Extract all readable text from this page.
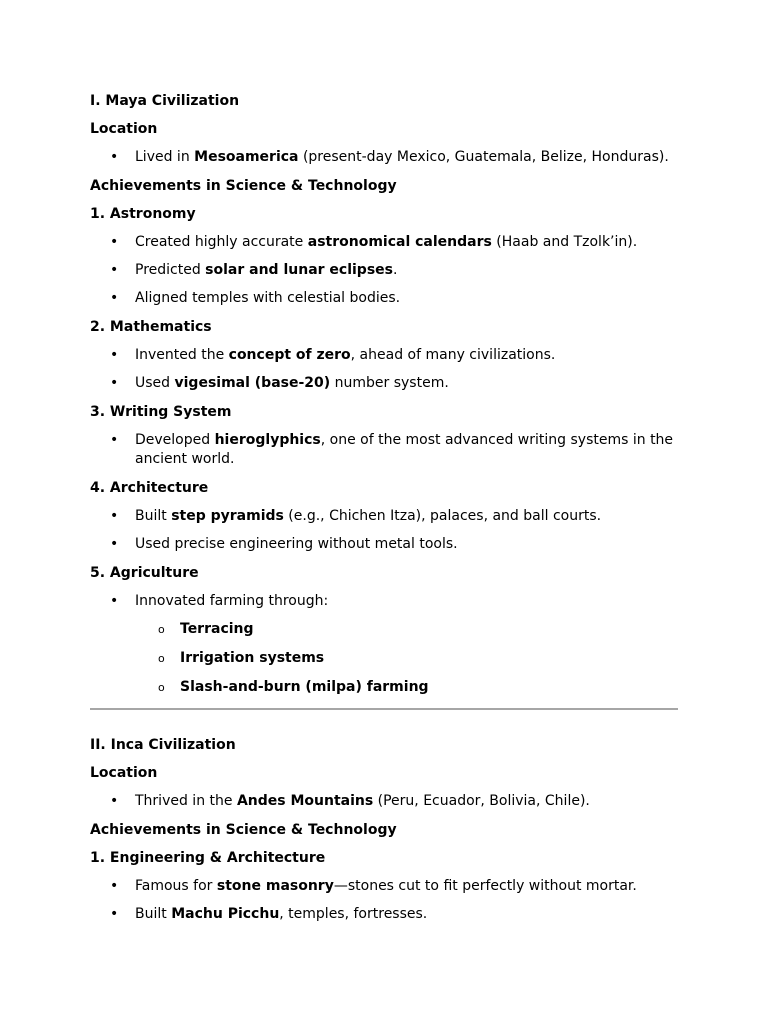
I. Maya Civilization

Location

• Lived in Mesoamerica (present-day Mexico, Guatemala, Belize, Honduras).

Achievements in Science & Technology

1. Astronomy

• Created highly accurate astronomical calendars (Haab and Tzolk’in).
• Predicted solar and lunar eclipses.
• Aligned temples with celestial bodies.

2. Mathematics

• Invented the concept of zero, ahead of many civilizations.
• Used vigesimal (base-20) number system.

3. Writing System

• Developed hieroglyphics, one of the most advanced writing systems in the ancient world.

4. Architecture

• Built step pyramids (e.g., Chichen Itza), palaces, and ball courts.
• Used precise engineering without metal tools.

5. Agriculture

• Innovated farming through:
o Terracing
o Irrigation systems
o Slash-and-burn (milpa) farming

II. Inca Civilization

Location

• Thrived in the Andes Mountains (Peru, Ecuador, Bolivia, Chile).

Achievements in Science & Technology

1. Engineering & Architecture

• Famous for stone masonry—stones cut to fit perfectly without mortar.
• Built Machu Picchu, temples, fortresses.
